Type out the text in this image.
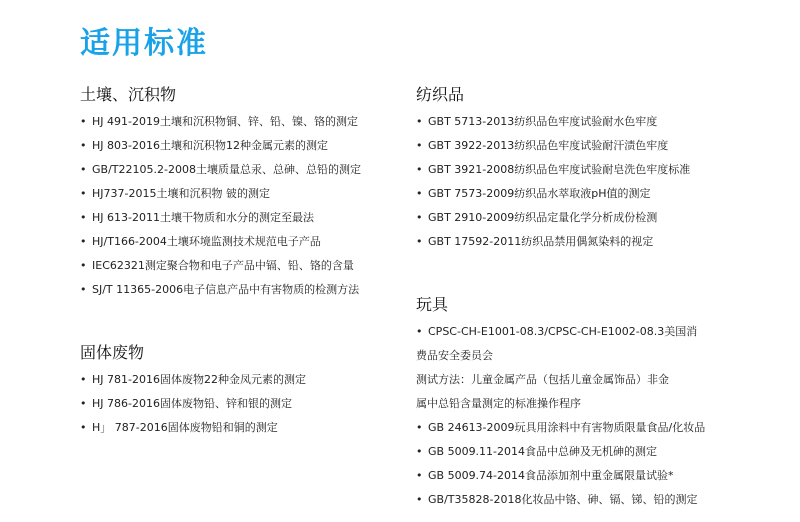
适用标准
土壤、沉积物
• HJ 491-2019土壤和沉积物铜、锌、铅、镍、铬的测定
• HJ 803-2016土壤和沉积物12种金属元素的测定
• GB/T22105.2-2008土壤质量总汞、总砷、总铅的测定
• HJ737-2015土壤和沉积物 铍的测定
• HJ 613-2011土壤干物质和水分的测定至最法
• HJ/T166-2004土壤环境监测技术规范电子产品
• IEC62321测定聚合物和电子产品中镉、铅、铬的含量
• SJ/T 11365-2006电子信息产品中有害物质的检测方法
固体废物
• HJ 781-2016固体废物22种金凤元素的测定
• HJ 786-2016固体废物铅、锌和银的测定
• H」 787-2016固体废物铅和铜的测定
纺织品
• GBT 5713-2013纺织品色牢度试验耐水色牢度
• GBT 3922-2013纺织品色牢度试验耐汗渍色牢度
• GBT 3921-2008纺织品色牢度试验耐皂洗色牢度标准
• GBT 7573-2009纺织品水萃取液pH值的测定
• GBT 2910-2009纺织品定量化学分析成份检测
• GBT 17592-2011纺织品禁用偶氮染料的视定
玩具
• CPSC-CH-E1001-08.3/CPSC-CH-E1002-08.3美国消
费品安全委员会
测试方法：儿童金属产品（包括儿童金属饰品）非金
属中总铅含量测定的标准操作程序
• GB 24613-2009玩具用涂料中有害物质限量食品/化妆品
• GB 5009.11-2014食品中总砷及无机砷的测定
• GB 5009.74-2014食品添加剂中重金属限量试验*
• GB/T35828-2018化妆品中铬、砷、镉、锑、铅的测定
